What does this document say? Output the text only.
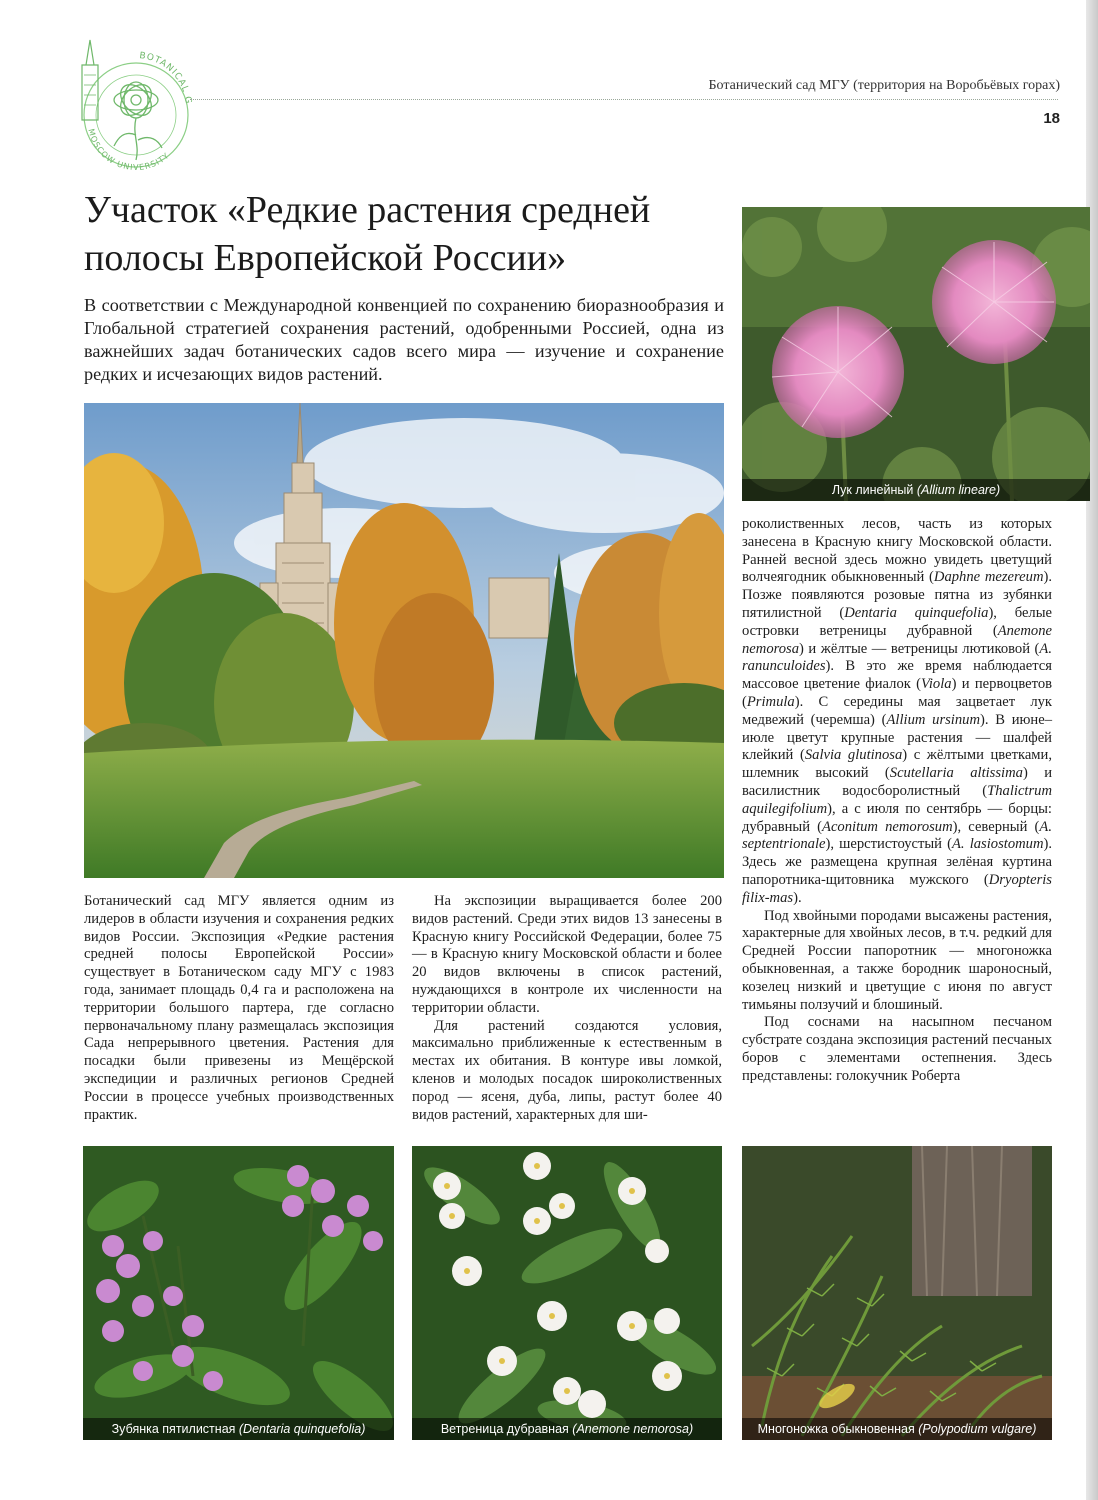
BOTANICAL G
MOSCOW UNIVERSITY
Ботанический сад МГУ (территория на Воробьёвых горах)
18
Участок «Редкие растения средней полосы Европейской России»

В соответствии с Международной конвенцией по сохранению биоразнообразия и Глобальной стратегией сохранения растений, одобренными Россией, одна из важнейших задач ботанических садов всего мира — изучение и сохранение редких и исчезающих видов растений.

Лук линейный (Allium lineare)

Ботанический сад МГУ является одним из лидеров в области изучения и сохранения редких видов России. Экспозиция «Редкие растения средней полосы Европейской России» существует в Ботаническом саду МГУ с 1983 года, занимает площадь 0,4 га и расположена на территории большого партера, где согласно первоначальному плану размещалась экспозиция Сада непрерывного цветения. Растения для посадки были привезены из Мещёрской экспедиции и различных регионов Средней России в процессе учебных производственных практик.

На экспозиции выращивается более 200 видов растений. Среди этих видов 13 занесены в Красную книгу Российской Федерации, более 75 — в Красную книгу Московской области и более 20 видов включены в список растений, нуждающихся в контроле их численности на территории области.

Для растений создаются условия, максимально приближенные к естественным в местах их обитания. В контуре ивы ломкой, кленов и молодых посадок широколиственных пород — ясеня, дуба, липы, растут более 40 видов растений, характерных для ши-

роколиственных лесов, часть из которых занесена в Красную книгу Московской области. Ранней весной здесь можно увидеть цветущий волчеягодник обыкновенный (Daphne mezereum). Позже появляются розовые пятна из зубянки пятилистной (Dentaria quinquefolia), белые островки ветреницы дубравной (Anemone nemorosa) и жёлтые — ветреницы лютиковой (A. ranunculoides). В это же время наблюдается массовое цветение фиалок (Viola) и первоцветов (Primula). С середины мая зацветает лук медвежий (черемша) (Allium ursinum). В июне–июле цветут крупные растения — шалфей клейкий (Salvia glutinosa) с жёлтыми цветками, шлемник высокий (Scutellaria altissima) и василистник водосборолистный (Thalictrum aquilegifolium), а с июля по сентябрь — борцы: дубравный (Aconitum nemorosum), северный (A. septentrionale), шерстистоустый (A. lasiostomum). Здесь же размещена крупная зелёная куртина папоротника-щитовника мужского (Dryopteris filix-mas).

Под хвойными породами высажены растения, характерные для хвойных лесов, в т.ч. редкий для Средней России папоротник — многоножка обыкновенная, а также бородник шароносный, козелец низкий и цветущие с июня по август тимьяны ползучий и блошиный.

Под соснами на насыпном песчаном субстрате создана экспозиция растений песчаных боров с элементами остепнения. Здесь представлены: голокучник Роберта

Зубянка пятилистная (Dentaria quinquefolia)	Ветреница дубравная (Anemone nemorosa)	Многоножка обыкновенная (Polypodium vulgare)
